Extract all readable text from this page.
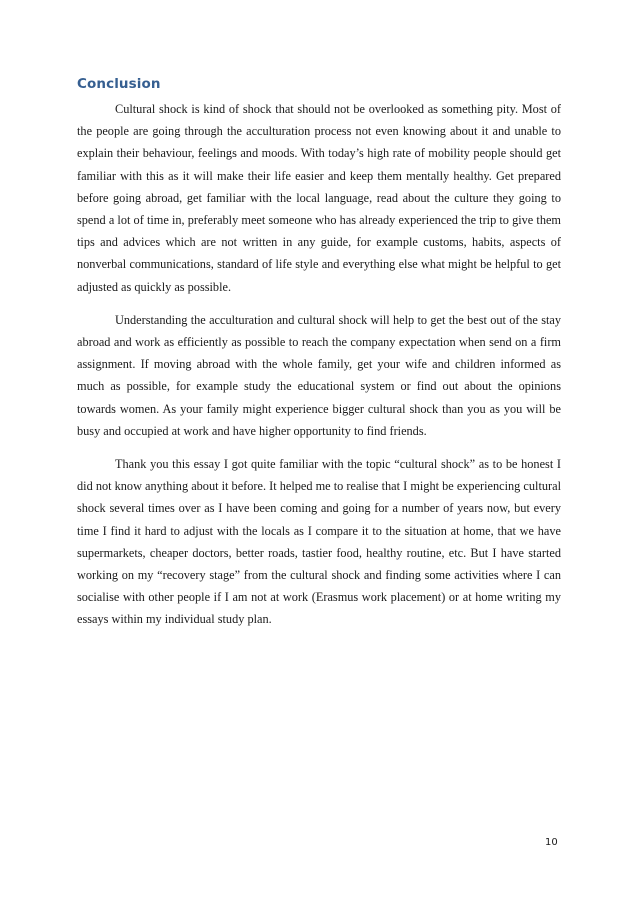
Conclusion

Cultural shock is kind of shock that should not be overlooked as something pity. Most of the people are going through the acculturation process not even knowing about it and unable to explain their behaviour, feelings and moods. With today’s high rate of mobility people should get familiar with this as it will make their life easier and keep them mentally healthy. Get prepared before going abroad, get familiar with the local language, read about the culture they going to spend a lot of time in, preferably meet someone who has already experienced the trip to give them tips and advices which are not written in any guide, for example customs, habits, aspects of nonverbal communications, standard of life style and everything else what might be helpful to get adjusted as quickly as possible.

Understanding the acculturation and cultural shock will help to get the best out of the stay abroad and work as efficiently as possible to reach the company expectation when send on a firm assignment. If moving abroad with the whole family, get your wife and children informed as much as possible, for example study the educational system or find out about the opinions towards women. As your family might experience bigger cultural shock than you as you will be busy and occupied at work and have higher opportunity to find friends.

Thank you this essay I got quite familiar with the topic “cultural shock” as to be honest I did not know anything about it before. It helped me to realise that I might be experiencing cultural shock several times over as I have been coming and going for a number of years now, but every time I find it hard to adjust with the locals as I compare it to the situation at home, that we have supermarkets, cheaper doctors, better roads, tastier food, healthy routine, etc. But I have started working on my “recovery stage” from the cultural shock and finding some activities where I can socialise with other people if I am not at work (Erasmus work placement) or at home writing my essays within my individual study plan.

10
